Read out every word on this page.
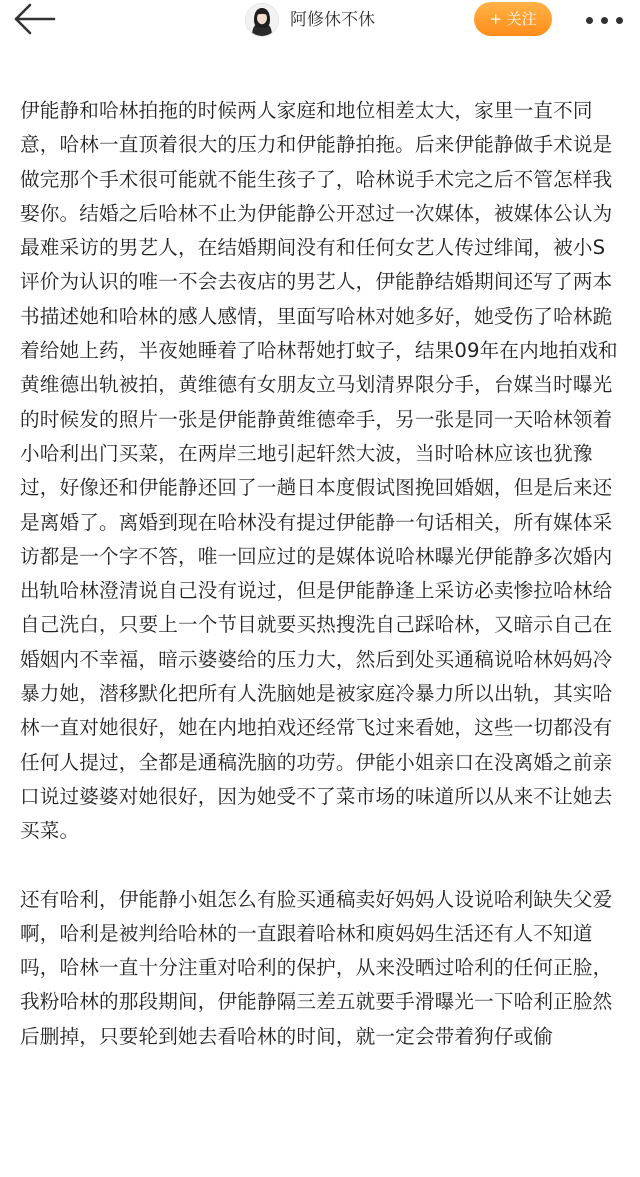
阿修休不休	+ 关注

伊能静和哈林拍拖的时候两人家庭和地位相差太大，家里一直不同意，哈林一直顶着很大的压力和伊能静拍拖。后来伊能静做手术说是做完那个手术很可能就不能生孩子了，哈林说手术完之后不管怎样我娶你。结婚之后哈林不止为伊能静公开怼过一次媒体，被媒体公认为最难采访的男艺人，在结婚期间没有和任何女艺人传过绯闻，被小S评价为认识的唯一不会去夜店的男艺人，伊能静结婚期间还写了两本书描述她和哈林的感人感情，里面写哈林对她多好，她受伤了哈林跪着给她上药，半夜她睡着了哈林帮她打蚊子，结果09年在内地拍戏和黄维德出轨被拍，黄维德有女朋友立马划清界限分手，台媒当时曝光的时候发的照片一张是伊能静黄维德牵手，另一张是同一天哈林领着小哈利出门买菜，在两岸三地引起轩然大波，当时哈林应该也犹豫过，好像还和伊能静还回了一趟日本度假试图挽回婚姻，但是后来还是离婚了。离婚到现在哈林没有提过伊能静一句话相关，所有媒体采访都是一个字不答，唯一回应过的是媒体说哈林曝光伊能静多次婚内出轨哈林澄清说自己没有说过，但是伊能静逢上采访必卖惨拉哈林给自己洗白，只要上一个节目就要买热搜洗自己踩哈林，又暗示自己在婚姻内不幸福，暗示婆婆给的压力大，然后到处买通稿说哈林妈妈冷暴力她，潜移默化把所有人洗脑她是被家庭冷暴力所以出轨，其实哈林一直对她很好，她在内地拍戏还经常飞过来看她，这些一切都没有任何人提过，全都是通稿洗脑的功劳。伊能小姐亲口在没离婚之前亲口说过婆婆对她很好，因为她受不了菜市场的味道所以从来不让她去买菜。

还有哈利，伊能静小姐怎么有脸买通稿卖好妈妈人设说哈利缺失父爱啊，哈利是被判给哈林的一直跟着哈林和庾妈妈生活还有人不知道吗，哈林一直十分注重对哈利的保护，从来没晒过哈利的任何正脸，我粉哈林的那段期间，伊能静隔三差五就要手滑曝光一下哈利正脸然后删掉，只要轮到她去看哈林的时间，就一定会带着狗仔或偷
